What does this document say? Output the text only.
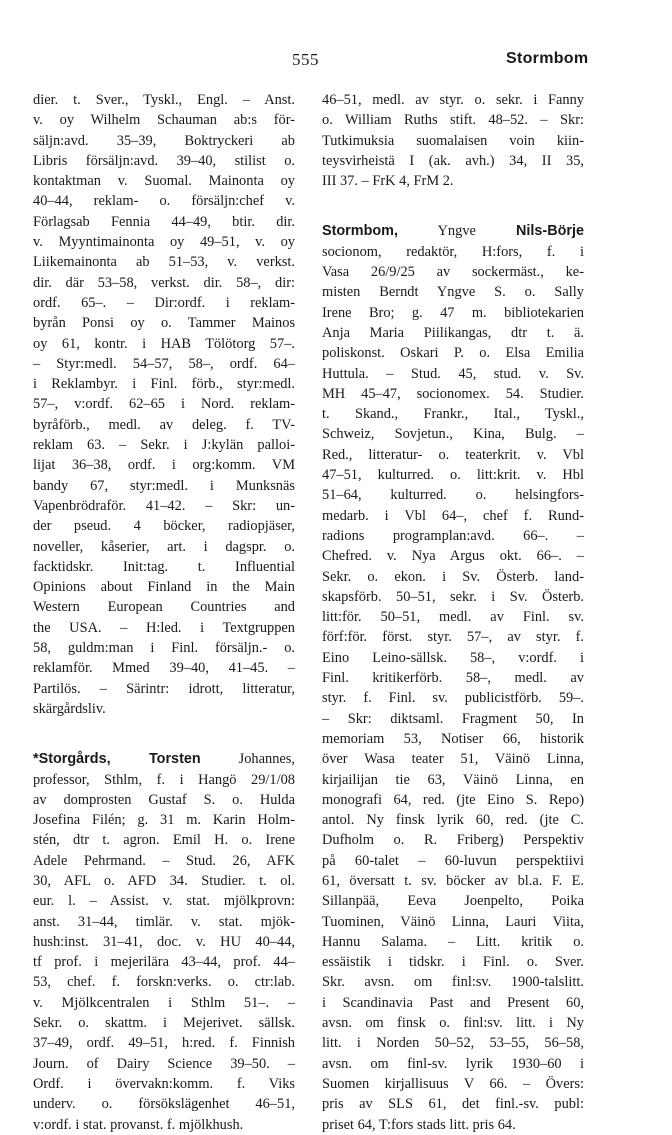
555	Stormbom
dier. t. Sver., Tyskl., Engl. – Anst.
v. oy Wilhelm Schauman ab:s för-
säljn:avd. 35–39, Boktryckeri ab
Libris försäljn:avd. 39–40, stilist o.
kontaktman v. Suomal. Mainonta oy
40–44, reklam- o. försäljn:chef v.
Förlagsab Fennia 44–49, btir. dir.
v. Myyntimainonta oy 49–51, v. oy
Liikemainonta ab 51–53, v. verkst.
dir. där 53–58, verkst. dir. 58–, dir:
ordf. 65–. – Dir:ordf. i reklam-
byrån Ponsi oy o. Tammer Mainos
oy 61, kontr. i HAB Tölötorg 57–.
– Styr:medl. 54–57, 58–, ordf. 64–
i Reklambyr. i Finl. förb., styr:medl.
57–, v:ordf. 62–65 i Nord. reklam-
byråförb., medl. av deleg. f. TV-
reklam 63. – Sekr. i J:kylän palloi-
lijat 36–38, ordf. i org:komm. VM
bandy 67, styr:medl. i Munksnäs
Vapenbrödraför. 41–42. – Skr: un-
der pseud. 4 böcker, radiopjäser,
noveller, kåserier, art. i dagspr. o.
facktidskr. Init:tag. t. Influential
Opinions about Finland in the Main
Western European Countries and
the USA. – H:led. i Textgruppen
58, guldm:man i Finl. försäljn.- o.
reklamför. Mmed 39–40, 41–45. –
Partilös. – Särintr: idrott, litteratur,
skärgårdsliv.
*Storgårds, Torsten Johannes,
professor, Sthlm, f. i Hangö 29/1/08
av domprosten Gustaf S. o. Hulda
Josefina Filén; g. 31 m. Karin Holm-
stén, dtr t. agron. Emil H. o. Irene
Adele Pehrmand. – Stud. 26, AFK
30, AFL o. AFD 34. Studier. t. ol.
eur. l. – Assist. v. stat. mjölkprovn:
anst. 31–44, timlär. v. stat. mjök-
hush:inst. 31–41, doc. v. HU 40–44,
tf prof. i mejerilära 43–44, prof. 44–
53, chef. f. forskn:verks. o. ctr:lab.
v. Mjölkcentralen i Sthlm 51–. –
Sekr. o. skattm. i Mejerivet. sällsk.
37–49, ordf. 49–51, h:red. f. Finnish
Journ. of Dairy Science 39–50. –
Ordf. i övervakn:komm. f. Viks
underv. o. försökslägenhet 46–51,
v:ordf. i stat. provanst. f. mjölkhush.
46–51, medl. av styr. o. sekr. i Fanny
o. William Ruths stift. 48–52. – Skr:
Tutkimuksia suomalaisen voin kiin-
teysvirheistä I (ak. avh.) 34, II 35,
III 37. – FrK 4, FrM 2.
Stormbom, Yngve Nils-Börje
socionom, redaktör, H:fors, f. i
Vasa 26/9/25 av sockermäst., ke-
misten Berndt Yngve S. o. Sally
Irene Bro; g. 47 m. bibliotekarien
Anja Maria Piilikangas, dtr t. ä.
poliskonst. Oskari P. o. Elsa Emilia
Huttula. – Stud. 45, stud. v. Sv.
MH 45–47, socionomex. 54. Studier.
t. Skand., Frankr., Ital., Tyskl.,
Schweiz, Sovjetun., Kina, Bulg. –
Red., litteratur- o. teaterkrit. v. Vbl
47–51, kulturred. o. litt:krit. v. Hbl
51–64, kulturred. o. helsingfors-
medarb. i Vbl 64–, chef f. Rund-
radions programplan:avd. 66–. –
Chefred. v. Nya Argus okt. 66–. –
Sekr. o. ekon. i Sv. Österb. land-
skapsförb. 50–51, sekr. i Sv. Österb.
litt:för. 50–51, medl. av Finl. sv.
förf:för. först. styr. 57–, av styr. f.
Eino Leino-sällsk. 58–, v:ordf. i
Finl. kritikerförb. 58–, medl. av
styr. f. Finl. sv. publicistförb. 59–.
– Skr: diktsaml. Fragment 50, In
memoriam 53, Notiser 66, historik
över Wasa teater 51, Väinö Linna,
kirjailijan tie 63, Väinö Linna, en
monografi 64, red. (jte Eino S. Repo)
antol. Ny finsk lyrik 60, red. (jte C.
Dufholm o. R. Friberg) Perspektiv
på 60-talet – 60-luvun perspektiivi
61, översatt t. sv. böcker av bl.a. F. E.
Sillanpää, Eeva Joenpelto, Poika
Tuominen, Väinö Linna, Lauri Viita,
Hannu Salama. – Litt. kritik o.
essäistik i tidskr. i Finl. o. Sver.
Skr. avsn. om finl:sv. 1900-talslitt.
i Scandinavia Past and Present 60,
avsn. om finsk o. finl:sv. litt. i Ny
litt. i Norden 50–52, 53–55, 56–58,
avsn. om finl-sv. lyrik 1930–60 i
Suomen kirjallisuus V 66. – Övers:
pris av SLS 61, det finl.-sv. publ:
priset 64, T:fors stads litt. pris 64.
